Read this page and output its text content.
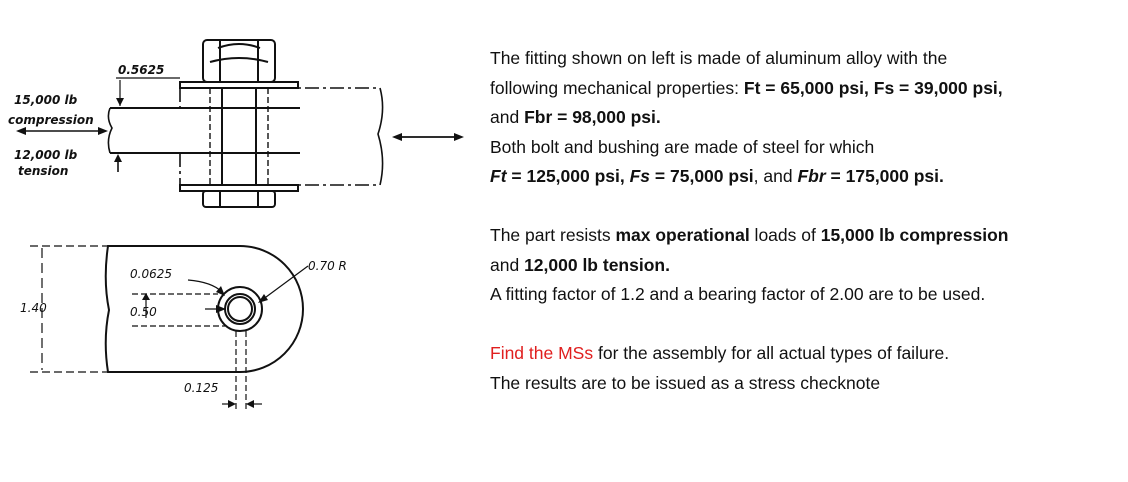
0.5625
15,000 lb
compression
12,000 lb
tension
1.40
0.0625
0.50
0.70 R
0.125

The fitting shown on left is made of aluminum alloy with the

following mechanical properties: Ft = 65,000 psi, Fs = 39,000 psi,

and Fbr = 98,000 psi.

Both bolt and bushing are made of steel for which

Ft = 125,000 psi, Fs = 75,000 psi, and Fbr = 175,000 psi.

The part resists max operational loads of 15,000 lb compression

and 12,000 lb tension.

A fitting factor of 1.2 and a bearing factor of 2.00 are to be used.

Find the MSs for the assembly for all actual types of failure.

The results are to be issued as a stress checknote
